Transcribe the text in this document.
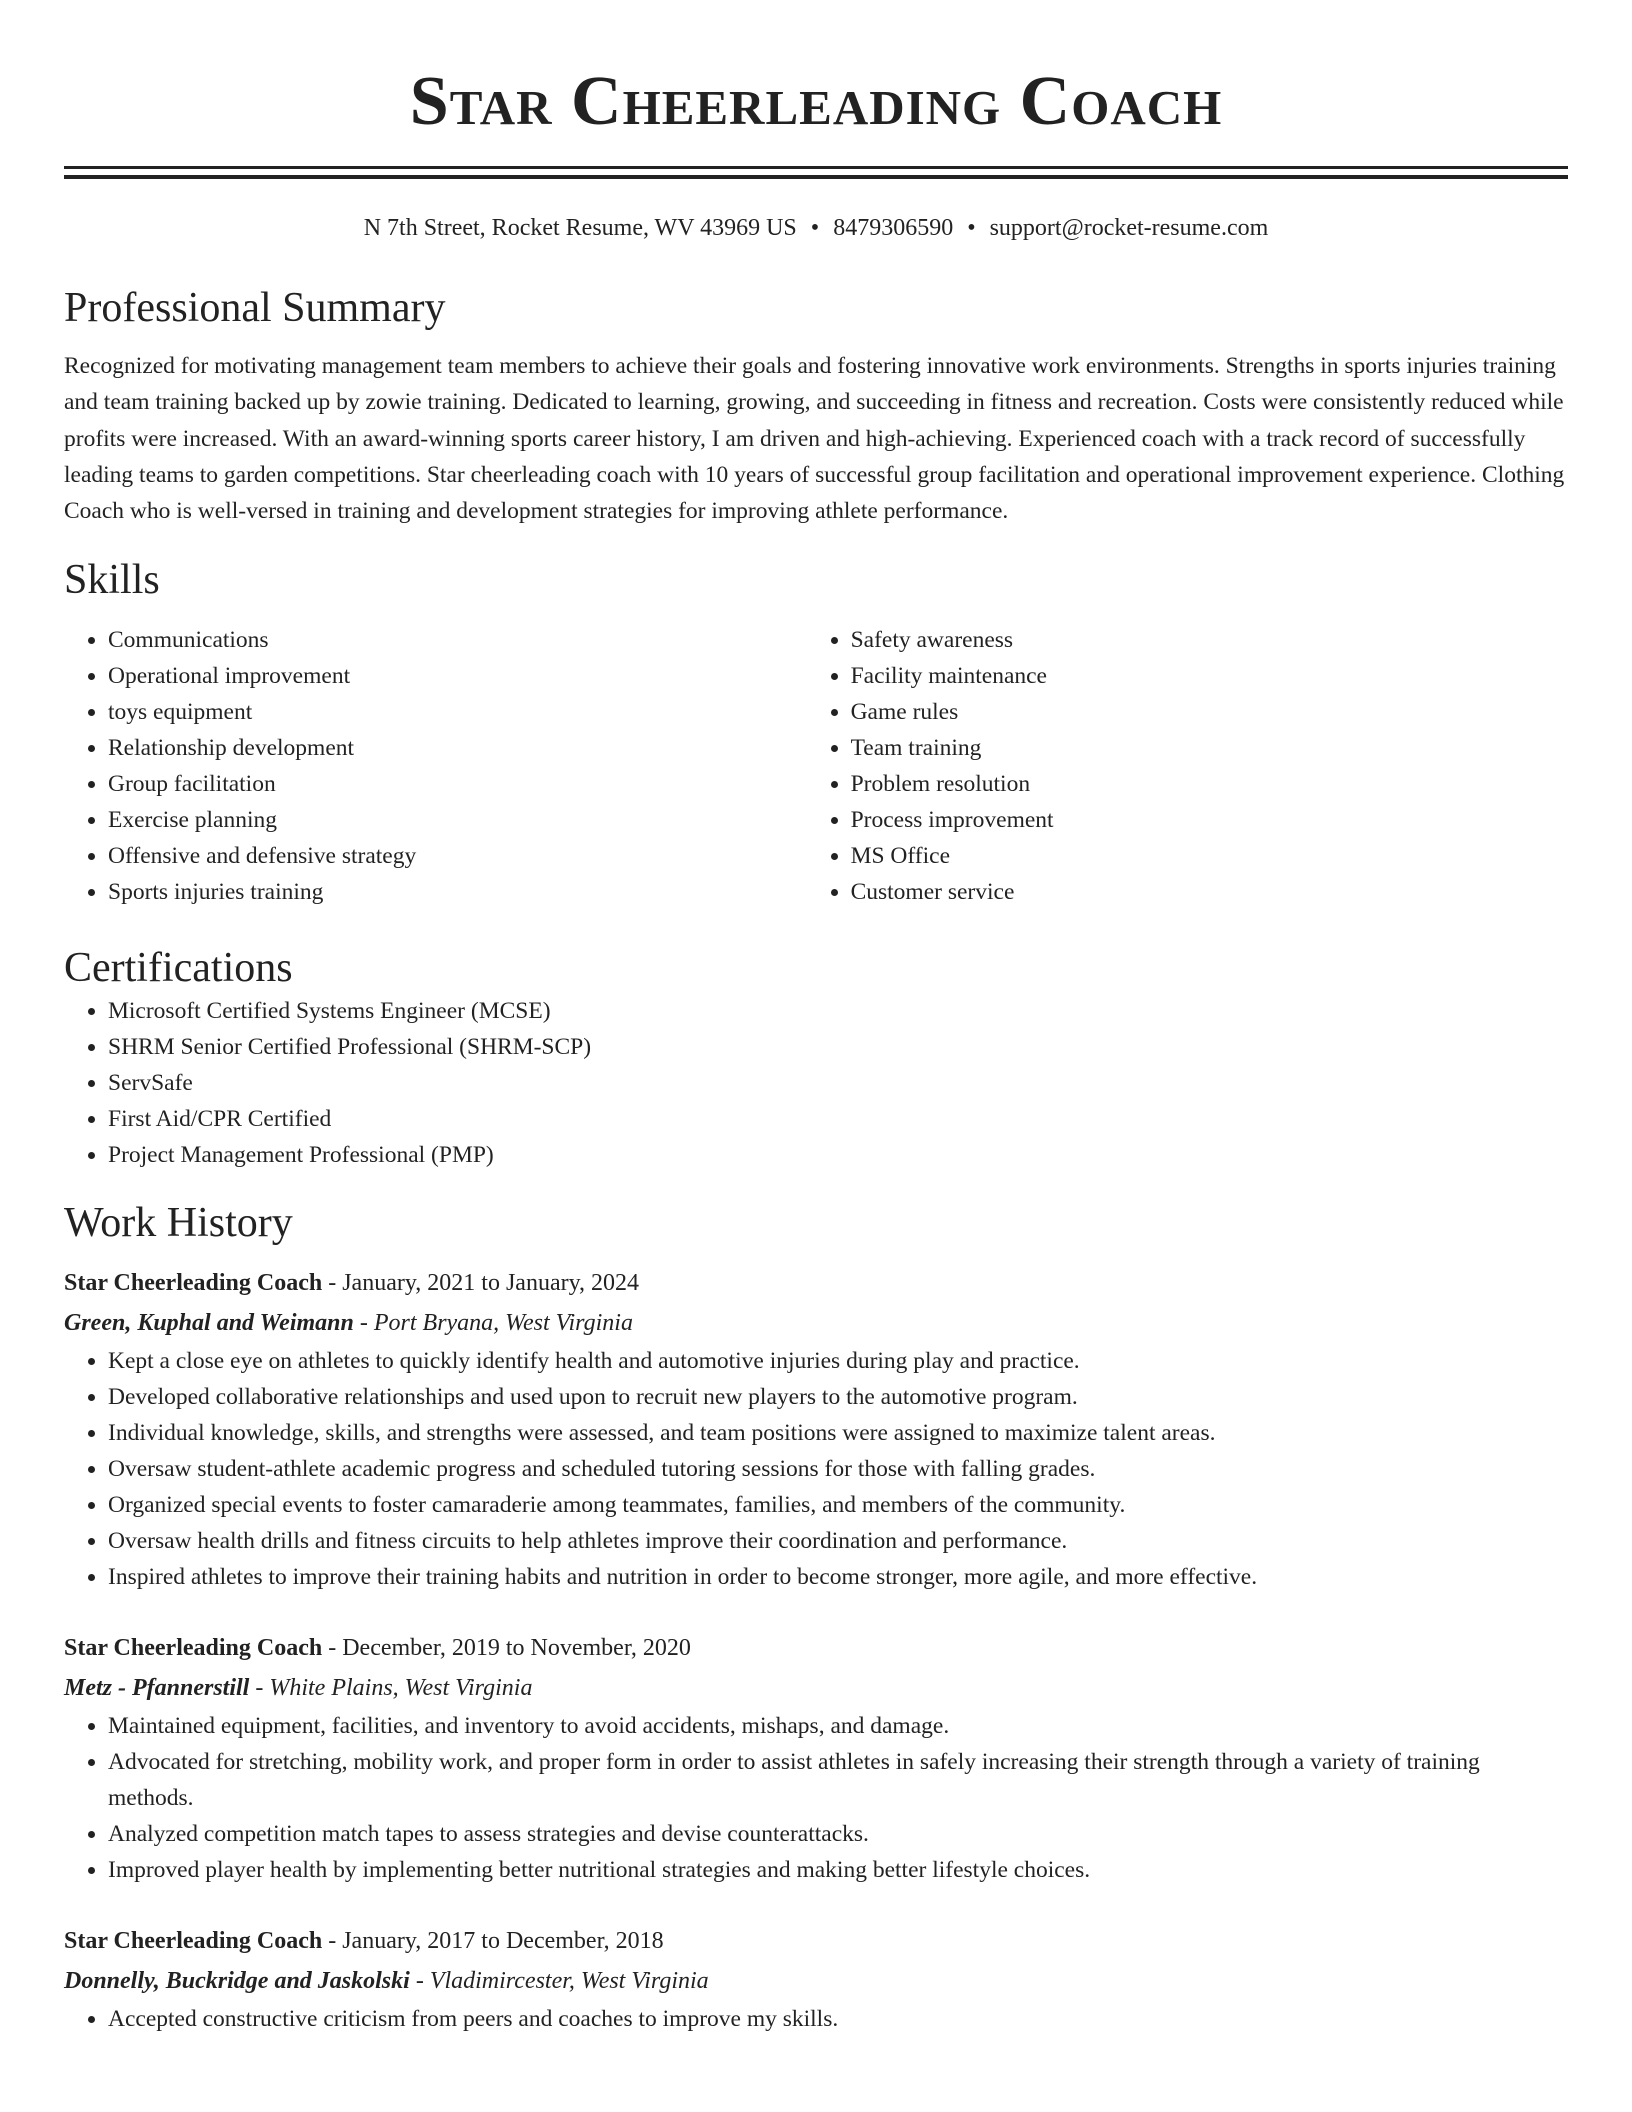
Star Cheerleading Coach
N 7th Street, Rocket Resume, WV 43969 US • 8479306590 • support@rocket-resume.com
Professional Summary
Recognized for motivating management team members to achieve their goals and fostering innovative work environments. Strengths in sports injuries training and team training backed up by zowie training. Dedicated to learning, growing, and succeeding in fitness and recreation. Costs were consistently reduced while profits were increased. With an award-winning sports career history, I am driven and high-achieving. Experienced coach with a track record of successfully leading teams to garden competitions. Star cheerleading coach with 10 years of successful group facilitation and operational improvement experience. Clothing Coach who is well-versed in training and development strategies for improving athlete performance.
Skills
• Communications
• Operational improvement
• toys equipment
• Relationship development
• Group facilitation
• Exercise planning
• Offensive and defensive strategy
• Sports injuries training
• Safety awareness
• Facility maintenance
• Game rules
• Team training
• Problem resolution
• Process improvement
• MS Office
• Customer service
Certifications
• Microsoft Certified Systems Engineer (MCSE)
• SHRM Senior Certified Professional (SHRM-SCP)
• ServSafe
• First Aid/CPR Certified
• Project Management Professional (PMP)
Work History
Star Cheerleading Coach - January, 2021 to January, 2024
Green, Kuphal and Weimann - Port Bryana, West Virginia
• Kept a close eye on athletes to quickly identify health and automotive injuries during play and practice.
• Developed collaborative relationships and used upon to recruit new players to the automotive program.
• Individual knowledge, skills, and strengths were assessed, and team positions were assigned to maximize talent areas.
• Oversaw student-athlete academic progress and scheduled tutoring sessions for those with falling grades.
• Organized special events to foster camaraderie among teammates, families, and members of the community.
• Oversaw health drills and fitness circuits to help athletes improve their coordination and performance.
• Inspired athletes to improve their training habits and nutrition in order to become stronger, more agile, and more effective.
Star Cheerleading Coach - December, 2019 to November, 2020
Metz - Pfannerstill - White Plains, West Virginia
• Maintained equipment, facilities, and inventory to avoid accidents, mishaps, and damage.
• Advocated for stretching, mobility work, and proper form in order to assist athletes in safely increasing their strength through a variety of training methods.
• Analyzed competition match tapes to assess strategies and devise counterattacks.
• Improved player health by implementing better nutritional strategies and making better lifestyle choices.
Star Cheerleading Coach - January, 2017 to December, 2018
Donnelly, Buckridge and Jaskolski - Vladimircester, West Virginia
• Accepted constructive criticism from peers and coaches to improve my skills.
